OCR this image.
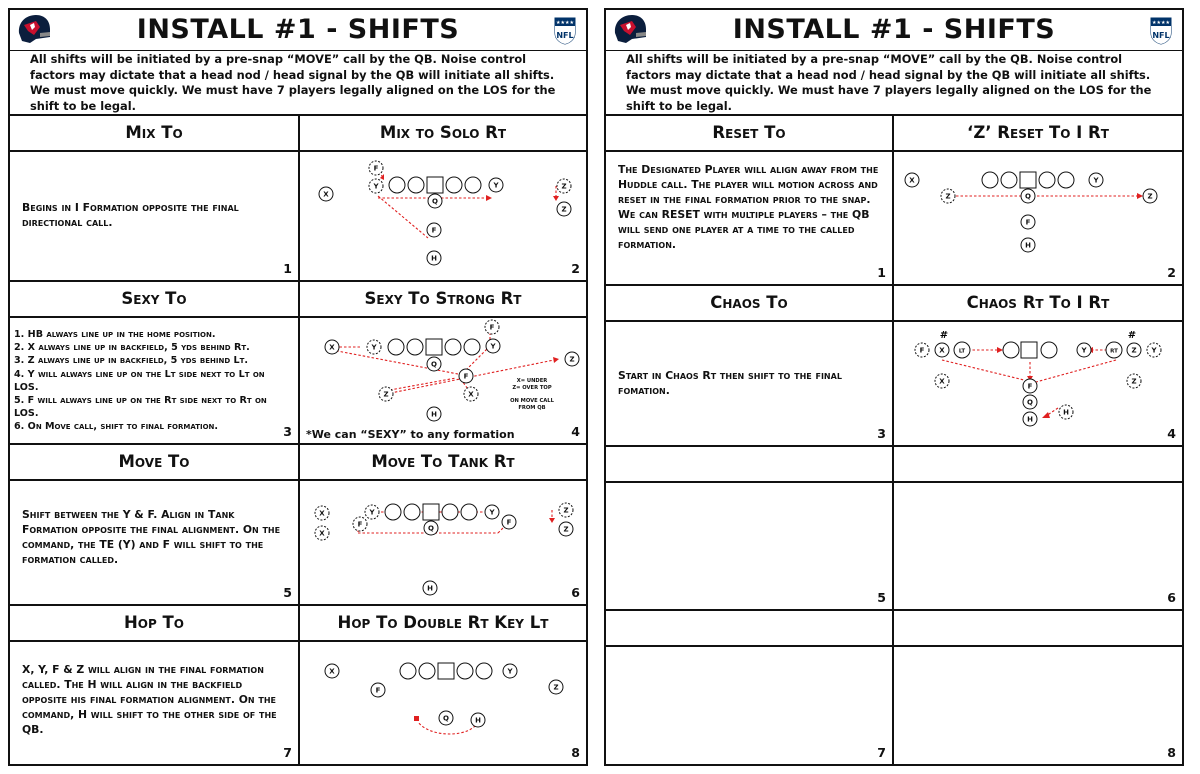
INSTALL #1 - SHIFTS	NFL
★★★★
All shifts will be initiated by a pre-snap “MOVE” call by the QB. Noise control factors may dictate that a head nod / head signal by the QB will initiate all shifts. We must move quickly. We must have 7 players legally aligned on the LOS for the shift to be legal.
Mix To
Begins in I Formation opposite the final directional call.
1
Mix to Solo Rt
X
F
Y	Y
Q
F
H
Z
Z
2
Sexy To
1. HB always line up in the home position.
2. X always line up in backfield, 5 yds behind Rt.
3. Z always line up in backfield, 5 yds behind Lt.
4. Y will always line up on the Lt side next to Lt on LOS.
5. F will always line up on the Rt side next to Rt on LOS.
6. On Move call, shift to final formation.	3
Sexy To Strong Rt
X	Y
F
Y
Q
F
Z	X
H
Z
X= UNDER
Z= OVER TOP
ON MOVE CALL
FROM QB
*We can “SEXY” to any formation	4
Move To
Shift between the Y & F. Align in Tank Formation opposite the final alignment. On the command, the TE (Y) and F will shift to the formation called.
5
Move To Tank Rt
X
X
F
Y	Y
F
Q
H
Z
Z
6
Hop To
X, Y, F & Z will align in the final formation called. The H will align in the backfield opposite his final formation alignment. On the command, H will shift to the other side of the QB.
7
Hop To Double Rt Key Lt
X	Y
F	Z
Q	H
8
INSTALL #1 - SHIFTS	NFL
★★★★
All shifts will be initiated by a pre-snap “MOVE” call by the QB. Noise control factors may dictate that a head nod / head signal by the QB will initiate all shifts. We must move quickly. We must have 7 players legally aligned on the LOS for the shift to be legal.
Reset To
The Designated Player will align away from the Huddle call. The player will motion across and reset in the final formation prior to the snap. We can RESET with multiple players – the QB will send one player at a time to the called formation.
1
‘Z’ Reset To I Rt
X	Y
Z	Q
F
H
Z
2
Chaos To
Start in Chaos Rt then shift to the final fomation.
3
Chaos Rt To I Rt
#	#
F X	LT
X
Y	RT Z Y
Z
F
Q
H
H
4
5	6
7	8
